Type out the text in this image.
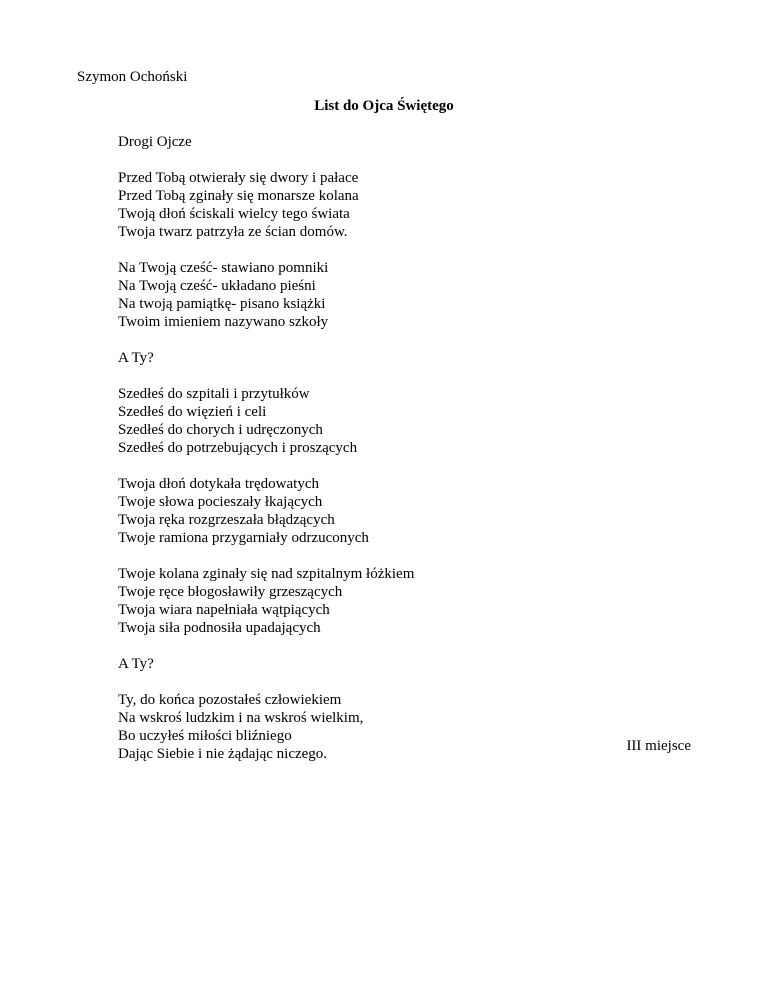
Szymon Ochoński
List do Ojca Świętego

Drogi Ojcze

Przed Tobą otwierały się dwory i pałace
Przed Tobą zginały się monarsze kolana
Twoją dłoń ściskali wielcy tego świata
Twoja twarz patrzyła ze ścian domów.

Na Twoją cześć- stawiano pomniki
Na Twoją cześć- układano pieśni
Na twoją pamiątkę- pisano książki
Twoim imieniem nazywano szkoły

A Ty?

Szedłeś do szpitali i przytułków
Szedłeś do więzień i celi
Szedłeś do chorych i udręczonych
Szedłeś do potrzebujących i proszących

Twoja dłoń dotykała trędowatych
Twoje słowa pocieszały łkających
Twoja ręka rozgrzeszała błądzących
Twoje ramiona przygarniały odrzuconych

Twoje kolana zginały się nad szpitalnym łóżkiem
Twoje ręce błogosławiły grzeszących
Twoja wiara napełniała wątpiących
Twoja siła podnosiła upadających

A Ty?

Ty, do końca pozostałeś człowiekiem
Na wskroś ludzkim i na wskroś wielkim,
Bo uczyłeś miłości bliźniego
Dając Siebie i nie żądając niczego.	III miejsce
